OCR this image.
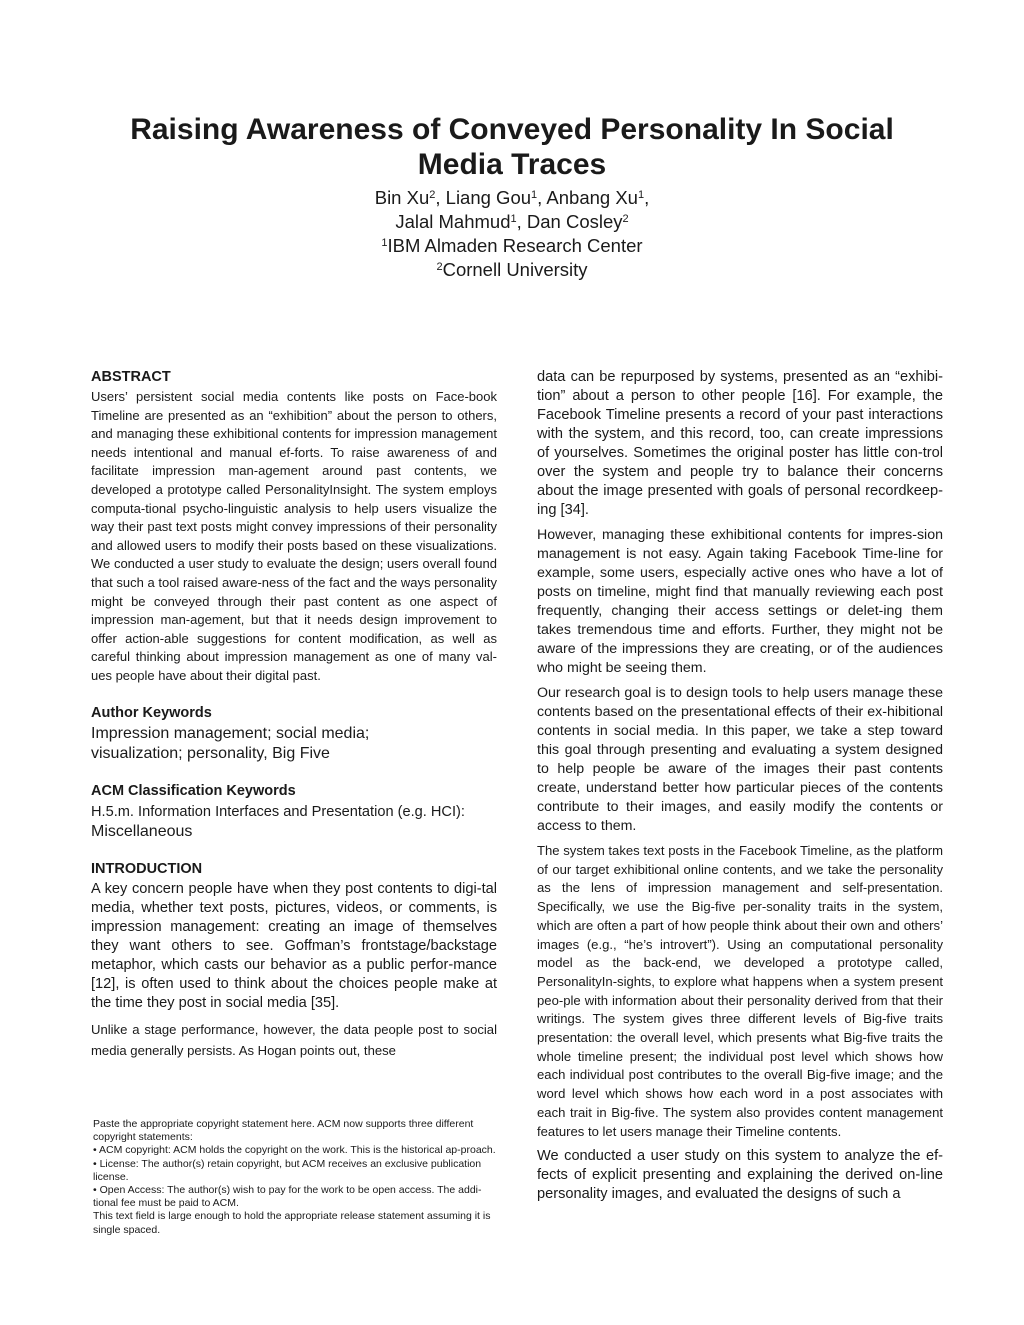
Raising Awareness of Conveyed Personality In Social Media Traces
Bin Xu$^2$, Liang Gou$^1$, Anbang Xu$^1$,
Jalal Mahmud$^1$, Dan Cosley$^2$
$^1$IBM Almaden Research Center
$^2$Cornell University
ABSTRACT

Users’ persistent social media contents like posts on Face-book Timeline are presented as an “exhibition” about the person to others, and managing these exhibitional contents for impression management needs intentional and manual ef-forts. To raise awareness of and facilitate impression man-agement around past contents, we developed a prototype called PersonalityInsight. The system employs computa-tional psycho-linguistic analysis to help users visualize the way their past text posts might convey impressions of their personality and allowed users to modify their posts based on these visualizations. We conducted a user study to evaluate the design; users overall found that such a tool raised aware-ness of the fact and the ways personality might be conveyed through their past content as one aspect of impression man-agement, but that it needs design improvement to offer action-able suggestions for content modification, as well as careful thinking about impression management as one of many val-ues people have about their digital past.

Author Keywords

Impression management; social media;

visualization; personality, Big Five

ACM Classification Keywords

H.5.m. Information Interfaces and Presentation (e.g. HCI):

Miscellaneous

INTRODUCTION

A key concern people have when they post contents to digi-tal media, whether text posts, pictures, videos, or comments, is impression management: creating an image of themselves they want others to see. Goffman’s frontstage/backstage metaphor, which casts our behavior as a public perfor-mance [12], is often used to think about the choices people make at the time they post in social media [35].

Unlike a stage performance, however, the data people post to social media generally persists. As Hogan points out, these

Paste the appropriate copyright statement here. ACM now supports three different copyright statements:

• ACM copyright: ACM holds the copyright on the work. This is the historical ap-proach.

• License: The author(s) retain copyright, but ACM receives an exclusive publication license.

• Open Access: The author(s) wish to pay for the work to be open access. The addi-tional fee must be paid to ACM.

This text field is large enough to hold the appropriate release statement assuming it is single spaced.

data can be repurposed by systems, presented as an “exhibi-tion” about a person to other people [16]. For example, the Facebook Timeline presents a record of your past interactions with the system, and this record, too, can create impressions of yourselves. Sometimes the original poster has little con-trol over the system and people try to balance their concerns about the image presented with goals of personal recordkeep-ing [34].

However, managing these exhibitional contents for impres-sion management is not easy. Again taking Facebook Time-line for example, some users, especially active ones who have a lot of posts on timeline, might find that manually reviewing each post frequently, changing their access settings or delet-ing them takes tremendous time and efforts. Further, they might not be aware of the impressions they are creating, or of the audiences who might be seeing them.

Our research goal is to design tools to help users manage these contents based on the presentational effects of their ex-hibitional contents in social media. In this paper, we take a step toward this goal through presenting and evaluating a system designed to help people be aware of the images their past contents create, understand better how particular pieces of the contents contribute to their images, and easily modify the contents or access to them.

The system takes text posts in the Facebook Timeline, as the platform of our target exhibitional online contents, and we take the personality as the lens of impression management and self-presentation. Specifically, we use the Big-five per-sonality traits in the system, which are often a part of how people think about their own and others’ images (e.g., “he’s introvert”). Using an computational personality model as the back-end, we developed a prototype called, PersonalityIn-sights, to explore what happens when a system present peo-ple with information about their personality derived from that their writings. The system gives three different levels of Big-five traits presentation: the overall level, which presents what Big-five traits the whole timeline present; the individual post level which shows how each individual post contributes to the overall Big-five image; and the word level which shows how each word in a post associates with each trait in Big-five. The system also provides content management features to let users manage their Timeline contents.

We conducted a user study on this system to analyze the ef-fects of explicit presenting and explaining the derived on-line personality images, and evaluated the designs of such a
